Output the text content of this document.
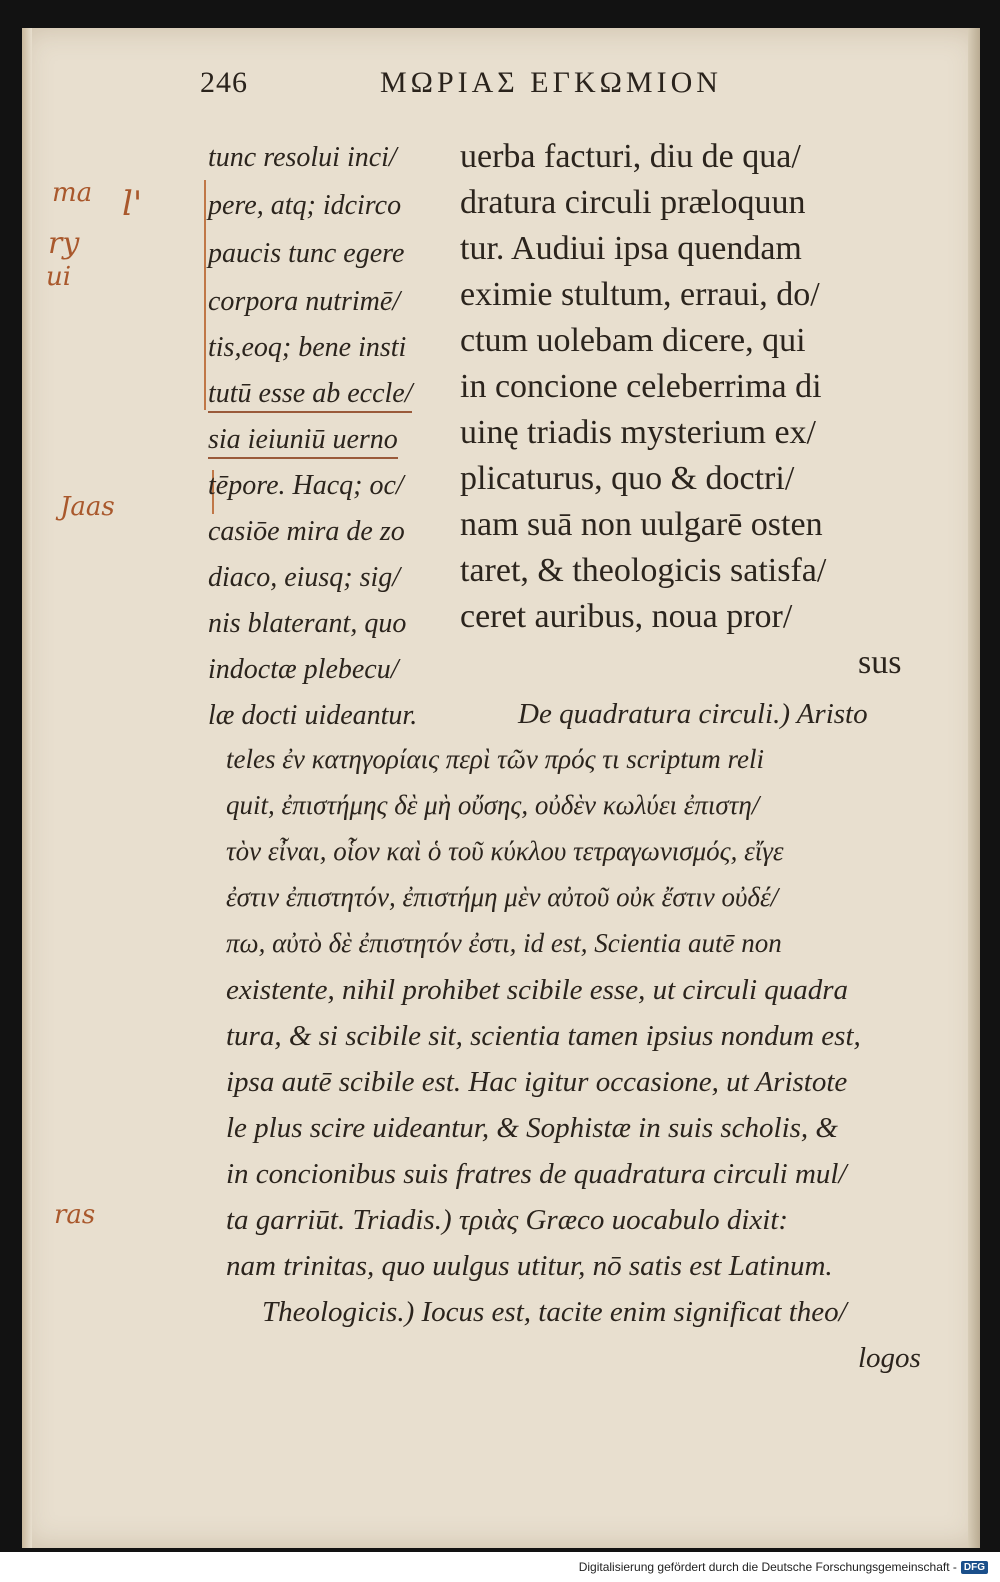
246	ΜΩΡΙΑΣ ΕΓΚΩΜΙΟΝ
ma l'
ry
ui
Jaas
ras
tunc resolui inci/
pere, atq; idcirco
paucis tunc egere
corpora nutrimē/
tis,eoq; bene insti
tutū esse ab eccle/
sia ieiuniū uerno
tēpore. Hacq; oc/
casiōe mira de zo
diaco, eiusq; sig/
nis blaterant, quo
indoctæ plebecu/
læ docti uideantur.
uerba facturi, diu de qua/
dratura circuli præloquun
tur. Audiui ipsa quendam
eximie stultum, erraui, do/
ctum uolebam dicere, qui
in concione celeberrima di
uinę triadis mysterium ex/
plicaturus, quo & doctri/
nam suā non uulgarē osten
taret, & theologicis satisfa/
ceret auribus, noua pror/
sus
De quadratura circuli.) Aristo
teles ἐν κατηγορίαις περὶ τῶν πρός τι scriptum reli
quit, ἐπιστήμης δὲ μὴ οὔσης, οὐδὲν κωλύει ἐπιστη/
τὸν εἶναι, οἷον καὶ ὁ τοῦ κύκλου τετραγωνισμός, εἴγε
ἐστιν ἐπιστητόν, ἐπιστήμη μὲν αὐτοῦ οὐκ ἔστιν οὐδέ/
πω, αὐτὸ δὲ ἐπιστητόν ἐστι, id est, Scientia autē non
existente, nihil prohibet scibile esse, ut circuli quadra
tura, & si scibile sit, scientia tamen ipsius nondum est,
ipsa autē scibile est. Hac igitur occasione, ut Aristote
le plus scire uideantur, & Sophistæ in suis scholis, &
in concionibus suis fratres de quadratura circuli mul/
ta garriūt. Triadis.) τριὰς Græco uocabulo dixit:
nam trinitas, quo uulgus utitur, nō satis est Latinum.
Theologicis.) Iocus est, tacite enim significat theo/
logos
Digitalisierung gefördert durch die Deutsche Forschungsgemeinschaft - DFG
